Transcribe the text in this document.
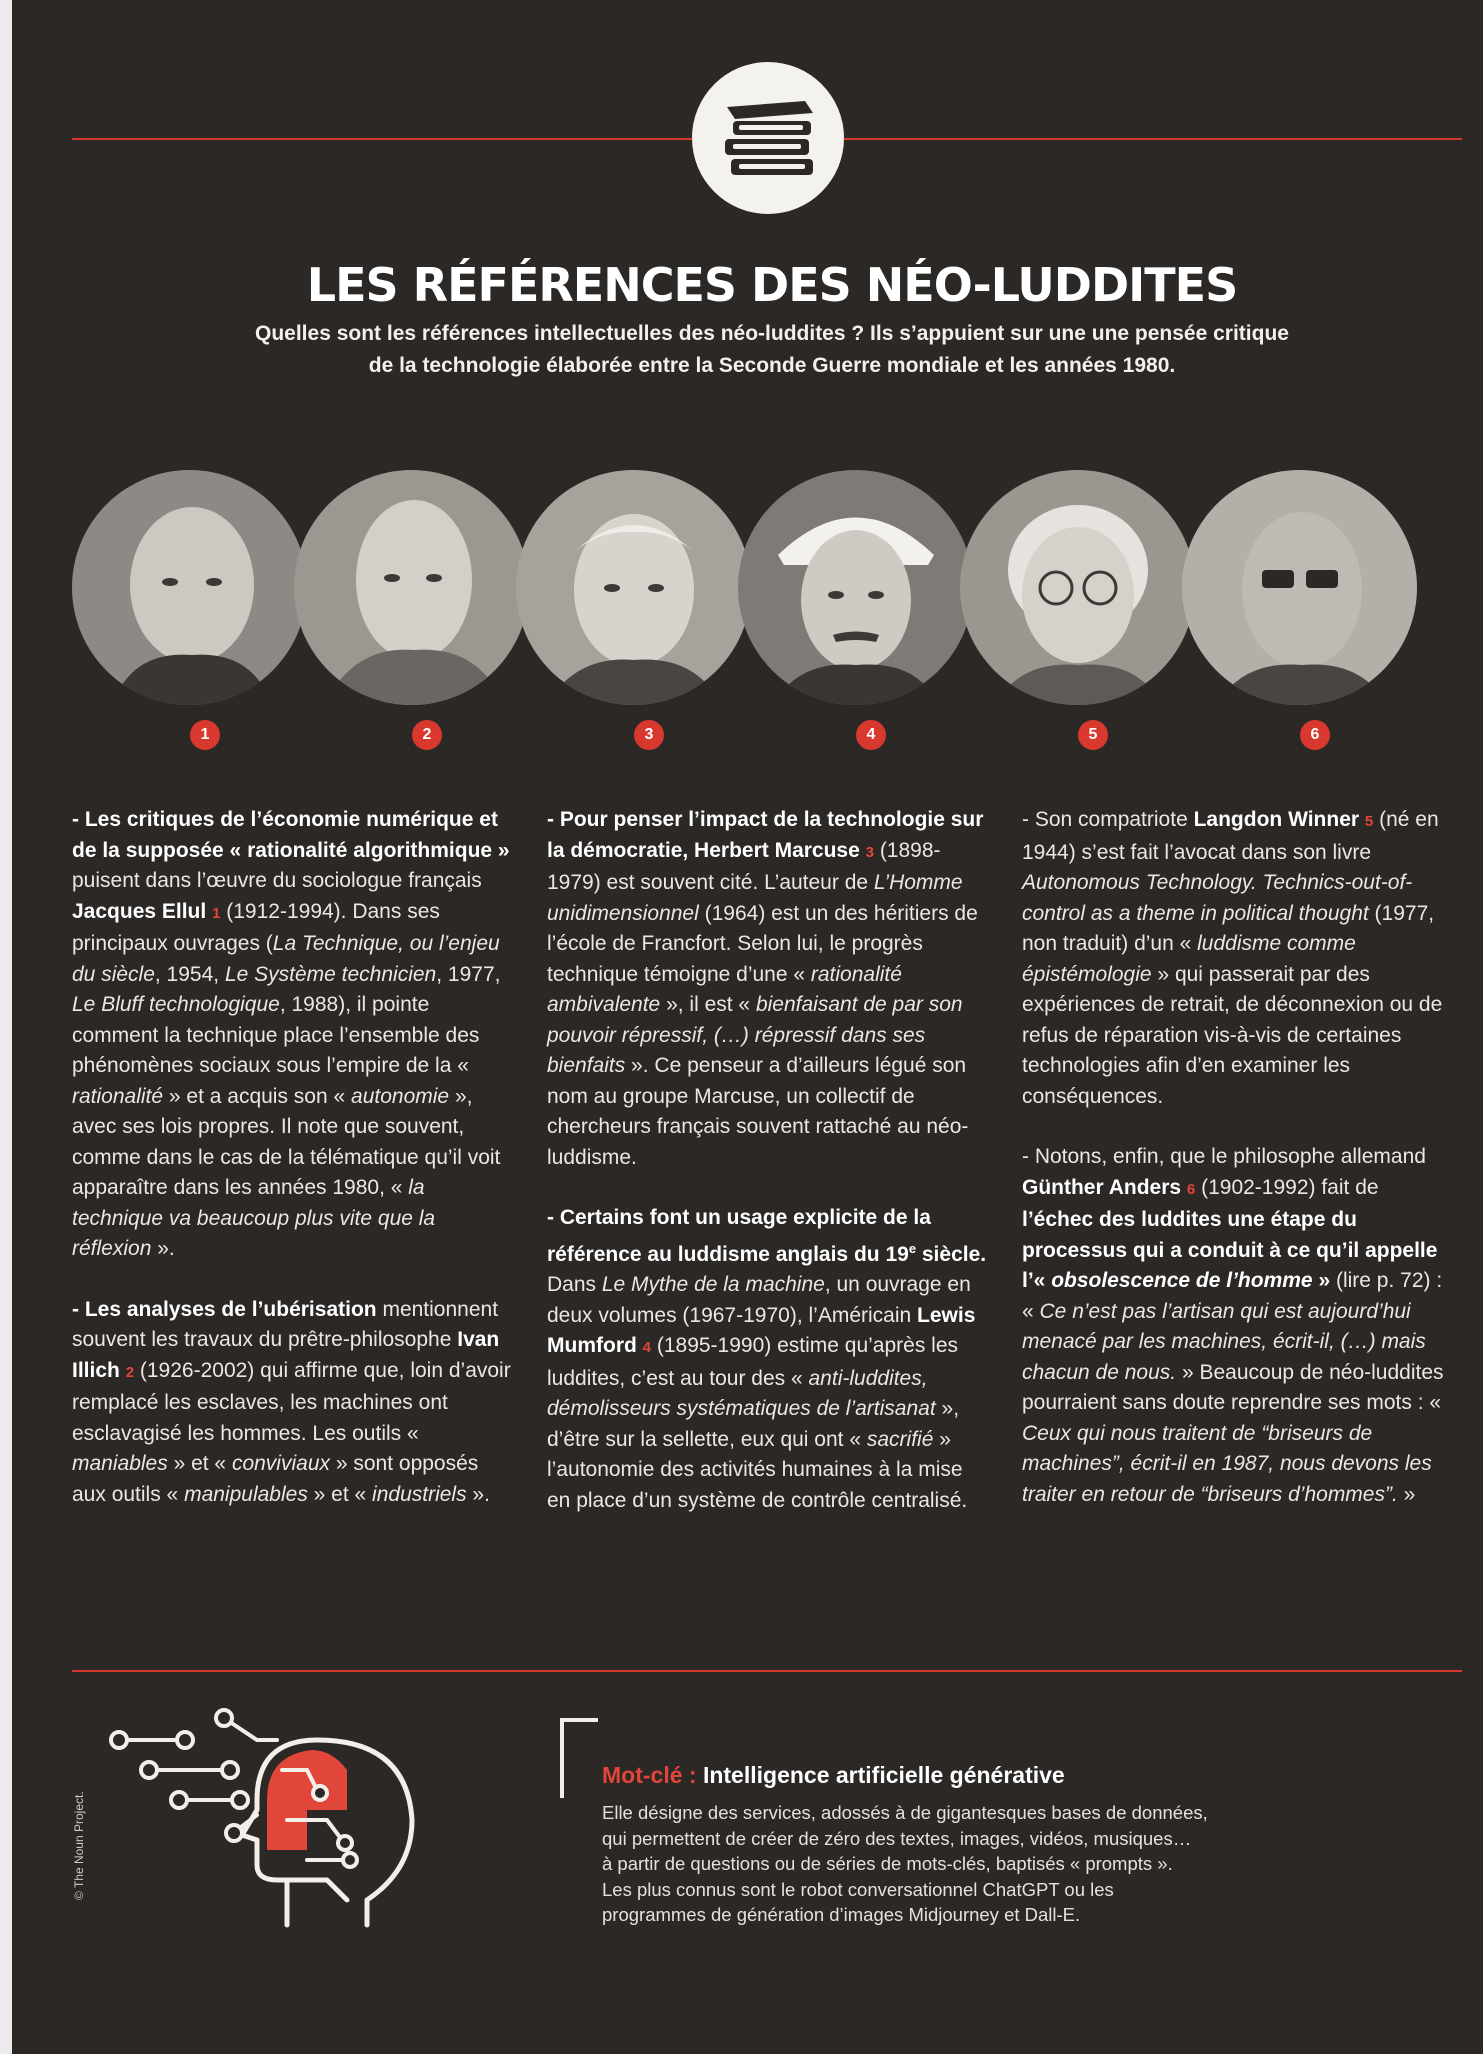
LES RÉFÉRENCES DES NÉO-LUDDITES

Quelles sont les références intellectuelles des néo-luddites ? Ils s’appuient sur une une pensée critique
de la technologie élaborée entre la Seconde Guerre mondiale et les années 1980.

1	2	3	4	5	6

- Les critiques de l’économie numérique et de la supposée « rationalité algorithmique » puisent dans l’œuvre du sociologue français Jacques Ellul 1 (1912-1994). Dans ses principaux ouvrages (La Technique, ou l’enjeu du siècle, 1954, Le Système technicien, 1977, Le Bluff technologique, 1988), il pointe comment la technique place l’ensemble des phénomènes sociaux sous l’empire de la « rationalité » et a acquis son « autonomie », avec ses lois propres. Il note que souvent, comme dans le cas de la télématique qu’il voit apparaître dans les années 1980, « la technique va beaucoup plus vite que la réflexion ».

- Les analyses de l’ubérisation mentionnent souvent les travaux du prêtre-philosophe Ivan Illich 2 (1926-2002) qui affirme que, loin d’avoir remplacé les esclaves, les machines ont esclavagisé les hommes. Les outils « maniables » et « conviviaux » sont opposés aux outils « manipulables » et « industriels ».

- Pour penser l’impact de la technologie sur la démocratie, Herbert Marcuse 3 (1898-1979) est souvent cité. L’auteur de L’Homme unidimensionnel (1964) est un des héritiers de l’école de Francfort. Selon lui, le progrès technique témoigne d’une « rationalité ambivalente », il est « bienfaisant de par son pouvoir répressif, (…) répressif dans ses bienfaits ». Ce penseur a d’ailleurs légué son nom au groupe Marcuse, un collectif de chercheurs français souvent rattaché au néo-luddisme.

- Certains font un usage explicite de la référence au luddisme anglais du 19e siècle. Dans Le Mythe de la machine, un ouvrage en deux volumes (1967-1970), l’Américain Lewis Mumford 4 (1895-1990) estime qu’après les luddites, c’est au tour des « anti-luddites, démolisseurs systématiques de l’artisanat », d’être sur la sellette, eux qui ont « sacrifié » l’autonomie des activités humaines à la mise en place d’un système de contrôle centralisé.

- Son compatriote Langdon Winner 5 (né en 1944) s’est fait l’avocat dans son livre Autonomous Technology. Technics-out-of-control as a theme in political thought (1977, non traduit) d’un « luddisme comme épistémologie » qui passerait par des expériences de retrait, de déconnexion ou de refus de réparation vis-à-vis de certaines technologies afin d’en examiner les conséquences.

- Notons, enfin, que le philosophe allemand Günther Anders 6 (1902-1992) fait de l’échec des luddites une étape du processus qui a conduit à ce qu’il appelle l’« obsolescence de l’homme » (lire p. 72) : « Ce n’est pas l’artisan qui est aujourd’hui menacé par les machines, écrit-il, (…) mais chacun de nous. » Beaucoup de néo-luddites pourraient sans doute reprendre ses mots : « Ceux qui nous traitent de “briseurs de machines”, écrit-il en 1987, nous devons les traiter en retour de “briseurs d’hommes”. »

Mot-clé : Intelligence artificielle générative

Elle désigne des services, adossés à de gigantesques bases de données,

qui permettent de créer de zéro des textes, images, vidéos, musiques…

à partir de questions ou de séries de mots-clés, baptisés « prompts ».

Les plus connus sont le robot conversationnel ChatGPT ou les

programmes de génération d’images Midjourney et Dall-E.

© The Noun Project.
